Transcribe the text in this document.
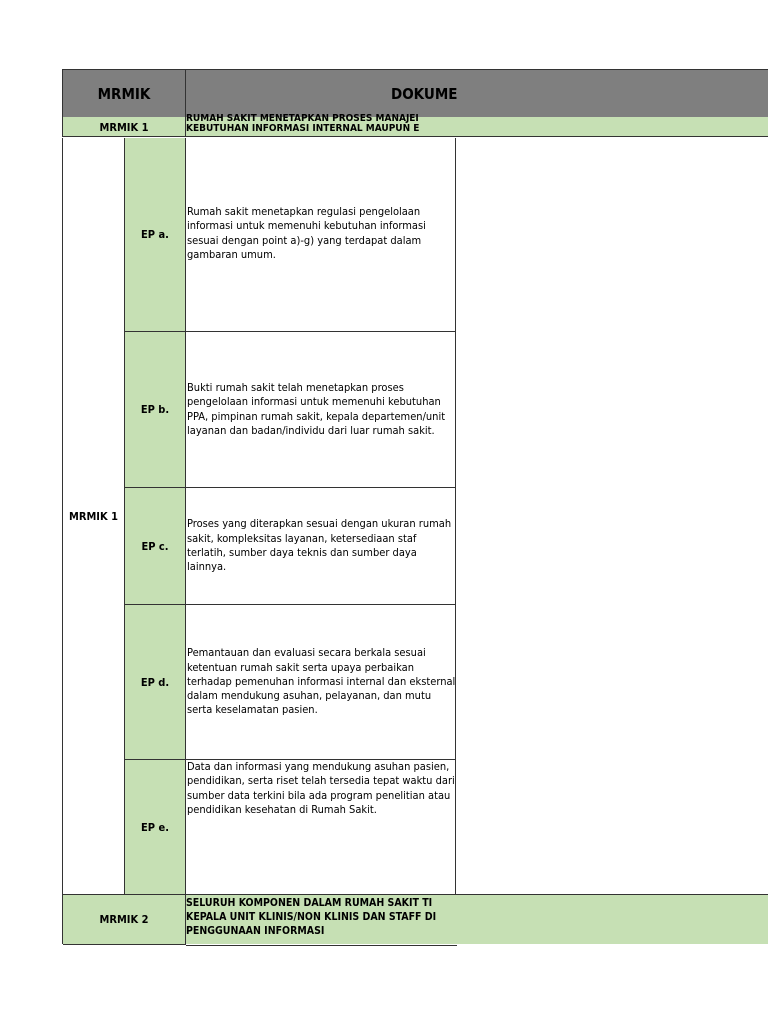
MRMIK	DOKUME
MRMIK 1
RUMAH SAKIT MENETAPKAN PROSES MANAJEI
KEBUTUHAN INFORMASI INTERNAL MAUPUN E
MRMIK 1
EP a.
Rumah sakit menetapkan regulasi pengelolaan informasi untuk memenuhi kebutuhan informasi sesuai dengan point a)-g) yang terdapat dalam gambaran umum.
EP b.
Bukti rumah sakit telah menetapkan proses pengelolaan informasi untuk memenuhi kebutuhan PPA, pimpinan rumah sakit, kepala departemen/unit layanan dan badan/individu dari luar rumah sakit.
EP c.
Proses yang diterapkan sesuai dengan ukuran rumah sakit, kompleksitas layanan, ketersediaan staf terlatih, sumber daya teknis dan sumber daya lainnya.
EP d.
Pemantauan dan evaluasi secara berkala sesuai ketentuan rumah sakit serta upaya perbaikan terhadap pemenuhan informasi internal dan eksternal dalam mendukung asuhan, pelayanan, dan mutu serta keselamatan pasien.
EP e.
Data dan informasi yang mendukung asuhan pasien, pendidikan, serta riset telah tersedia tepat waktu dari sumber data terkini bila ada program penelitian atau pendidikan kesehatan di Rumah Sakit.
MRMIK 2
SELURUH KOMPONEN DALAM RUMAH SAKIT TI
KEPALA UNIT KLINIS/NON KLINIS DAN STAFF DI
PENGGUNAAN INFORMASI
